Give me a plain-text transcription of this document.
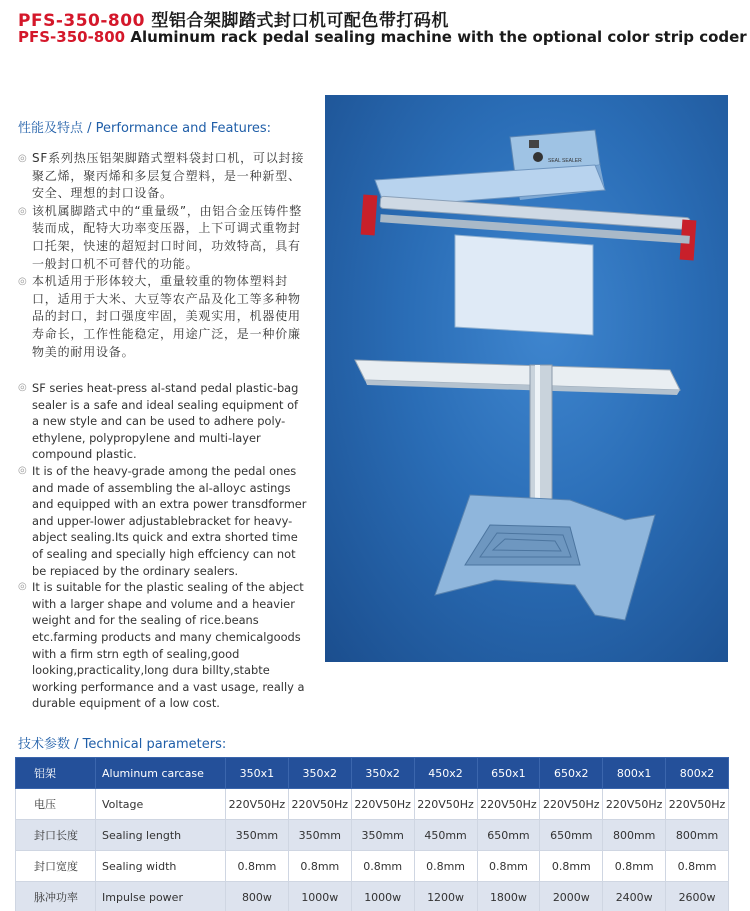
PFS-350-800 型铝合架脚踏式封口机可配色带打码机
PFS-350-800 Aluminum rack pedal sealing machine with the optional color strip coder
性能及特点 / Performance and Features:
◎ SF系列热压铝架脚踏式塑料袋封口机，可以封接聚乙烯，聚丙烯和多层复合塑料，是一种新型、安全、理想的封口设备。
◎ 该机属脚踏式中的“重量级”，由铝合金压铸件整装而成，配特大功率变压器，上下可调式重物封口托架，快速的超短封口时间，功效特高，具有一般封口机不可替代的功能。
◎ 本机适用于形体较大，重量较重的物体塑料封口，适用于大米、大豆等农产品及化工等多种物品的封口，封口强度牢固，美观实用，机器使用寿命长，工作性能稳定，用途广泛，是一种价廉物美的耐用设备。
◎ SF series heat-press al-stand pedal plastic-bag sealer is a safe and ideal sealing equipment of a new style and can be used to adhere poly-ethylene, polypropylene and multi-layer compound plastic.
◎ It is of the heavy-grade among the pedal ones and made of assembling the al-alloyc astings and equipped with an extra power transdformer and upper-lower adjustablebracket for heavy-abject sealing.Its quick and extra shorted time of sealing and specially high effciency can not be repiaced by the ordinary sealers.
◎ It is suitable for the plastic sealing of the abject with a larger shape and volume and a heavier weight and for the sealing of rice.beans etc.farming products and many chemicalgoods with a firm strn egth of sealing,good looking,practicality,long dura billty,stabte working performance and a vast usage, really a durable equipment of a low cost.
SEAL SEALER
技术参数 / Technical parameters:
铝架	Aluminum carcase	350x1	350x2	350x2	450x2	650x1	650x2	800x1	800x2
电压	Voltage	220V50Hz	220V50Hz	220V50Hz	220V50Hz	220V50Hz	220V50Hz	220V50Hz	220V50Hz
封口长度	Sealing length	350mm	350mm	350mm	450mm	650mm	650mm	800mm	800mm
封口宽度	Sealing width	0.8mm	0.8mm	0.8mm	0.8mm	0.8mm	0.8mm	0.8mm	0.8mm
脉冲功率	Impulse power	800w	1000w	1000w	1200w	1800w	2000w	2400w	2600w
